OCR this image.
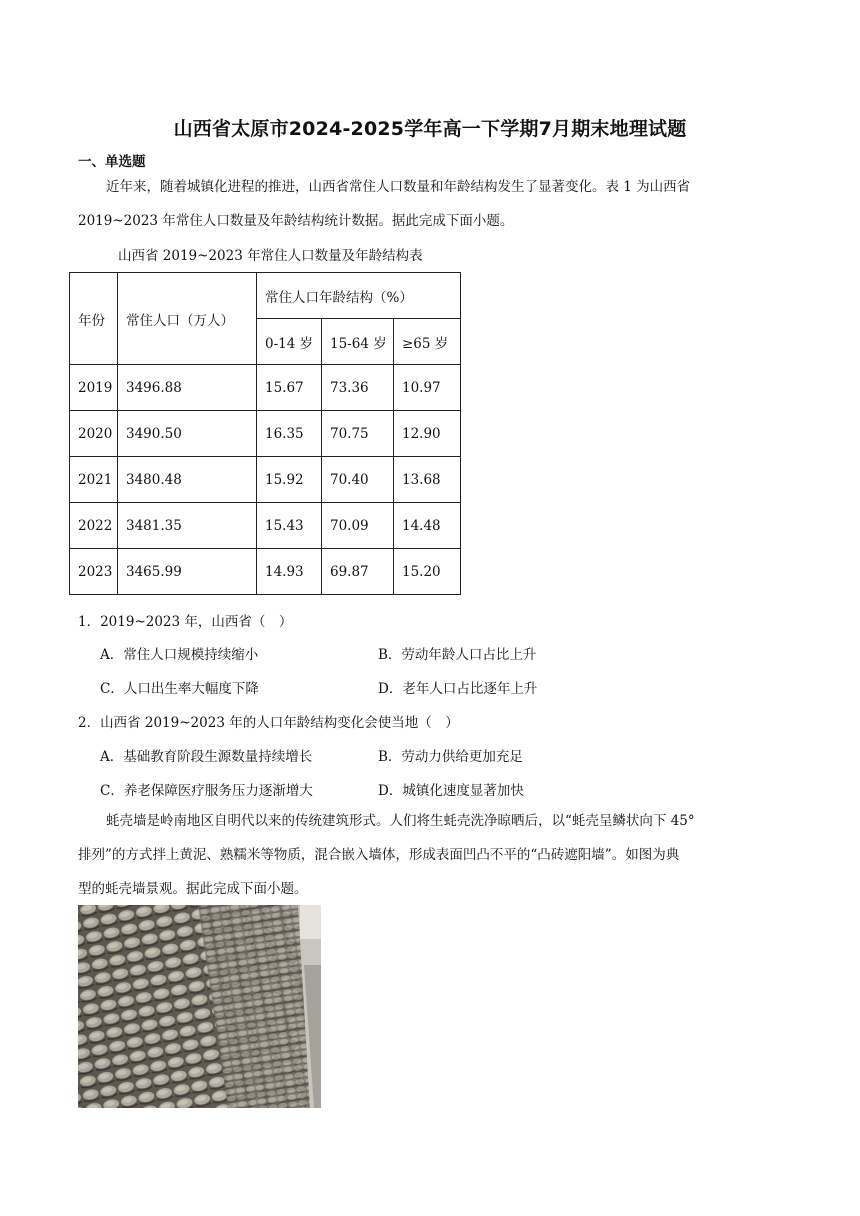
山西省太原市2024-2025学年高一下学期7月期末地理试题
一、单选题
近年来，随着城镇化进程的推进，山西省常住人口数量和年龄结构发生了显著变化。表 1 为山西省
2019~2023 年常住人口数量及年龄结构统计数据。据此完成下面小题。
山西省 2019~2023 年常住人口数量及年龄结构表
年份	常住人口（万人）	常住人口年龄结构（%）		
		0-14 岁	15-64 岁	≥65 岁
2019	3496.88	15.67	73.36	10.97
2020	3490.50	16.35	70.75	12.90
2021	3480.48	15.92	70.40	13.68
2022	3481.35	15.43	70.09	14.48
2023	3465.99	14.93	69.87	15.20
1．2019~2023 年，山西省（　）
A．常住人口规模持续缩小	B．劳动年龄人口占比上升
C．人口出生率大幅度下降	D．老年人口占比逐年上升
2．山西省 2019~2023 年的人口年龄结构变化会使当地（　）
A．基础教育阶段生源数量持续增长	B．劳动力供给更加充足
C．养老保障医疗服务压力逐渐增大	D．城镇化速度显著加快
蚝壳墙是岭南地区自明代以来的传统建筑形式。人们将生蚝壳洗净晾晒后，以“蚝壳呈鳞状向下 45°
排列”的方式拌上黄泥、熟糯米等物质，混合嵌入墙体，形成表面凹凸不平的“凸砖遮阳墙”。如图为典
型的蚝壳墙景观。据此完成下面小题。
